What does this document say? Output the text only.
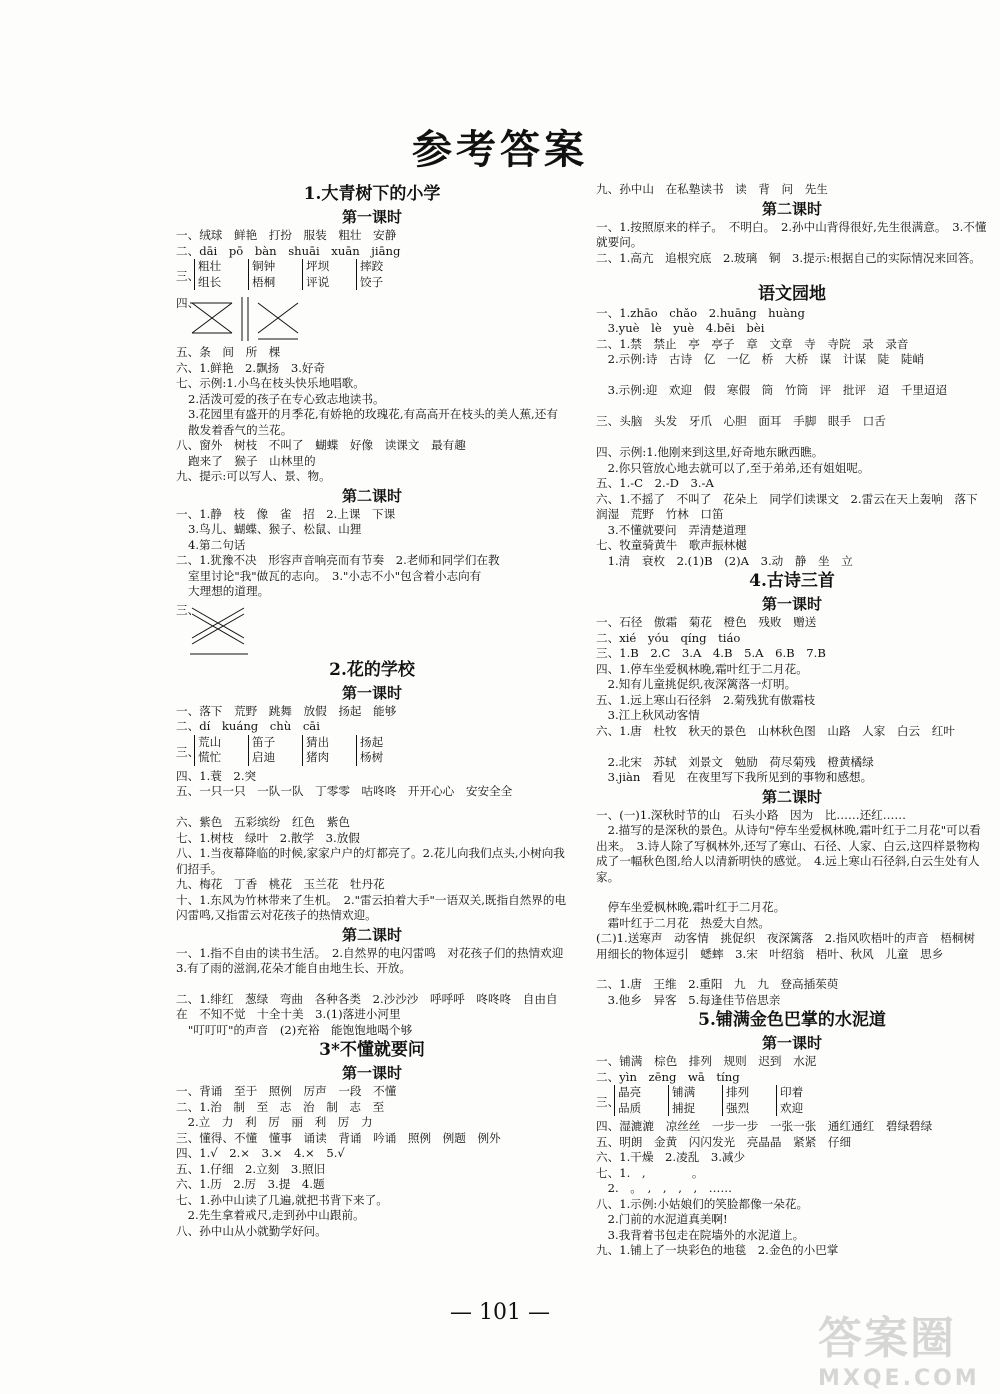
参考答案
1.大青树下的小学
第一课时
一、绒球　鲜艳　打扮　服装　粗壮　安静
二、dāi　pō　bàn　shuāi　xuān　jiāng
三、
粗壮
组长
铜钟
梧桐
坪坝
评说
摔跤
饺子
四、
五、条　间　所　棵
六、1.鲜艳　2.飘扬　3.好奇
七、示例:1.小鸟在枝头快乐地唱歌。
2.活泼可爱的孩子在专心致志地读书。
3.花园里有盛开的月季花,有娇艳的玫瑰花,有高高开在枝头的美人蕉,还有散发着香气的兰花。
八、窗外　树枝　不叫了　蝴蝶　好像　读课文　最有趣
跑来了　猴子　山林里的
九、提示:可以写人、景、物。
第二课时
一、1.静　枝　像　雀　招　2.上课　下课
3.鸟儿、蝴蝶、猴子、松鼠、山狸
4.第二句话
二、1.犹豫不决　形容声音响亮而有节奏　2.老师和同学们在教
室里讨论"我"做瓦的志向。　3."小志不小"包含着小志向有
大理想的道理。
三、
2.花的学校
第一课时
一、落下　荒野　跳舞　放假　扬起　能够
二、dí　kuáng　chù　cāi
三、
荒山
慌忙
笛子
启迪
猜出
猪肉
扬起
杨树
四、1.蓑　2.突
五、一只一只　一队一队　丁零零　咕咚咚　开开心心　安安全全
六、紫色　五彩缤纷　红色　紫色
七、1.树枝　绿叶　2.散学　3.放假
八、1.当夜幕降临的时候,家家户户的灯都亮了。2.花儿向我们点头,小树向我们招手。
九、梅花　丁香　桃花　玉兰花　牡丹花
十、1.东风为竹林带来了生机。　2."雷云拍着大手"一语双关,既指自然界的电闪雷鸣,又指雷云对花孩子的热情欢迎。
第二课时
一、1.指不自由的读书生活。　2.自然界的电闪雷鸣　对花孩子们的热情欢迎　3.有了雨的滋润,花朵才能自由地生长、开放。
二、1.绯红　葱绿　弯曲　各种各类　2.沙沙沙　呼呼呼　咚咚咚　自由自在　不知不觉　十全十美　3.(1)落进小河里
"叮叮叮"的声音　(2)充裕　能饱饱地喝个够
3*不懂就要问
第一课时
一、背诵　至于　照例　厉声　一段　不懂
二、1.治　制　至　志　治　制　志　至
　2.立　力　利　厉　丽　利　厉　力
三、懂得、不懂　懂事　诵读　背诵　吟诵　照例　例题　例外
四、1.√　2.×　3.×　4.×　5.√
五、1.仔细　2.立刻　3.照旧
六、1.历　2.厉　3.提　4.题
七、1.孙中山读了几遍,就把书背下来了。
　2.先生拿着戒尺,走到孙中山跟前。
八、孙中山从小就勤学好问。
九、孙中山　在私塾读书　读　背　问　先生
第二课时
一、1.按照原来的样子。　不明白。　2.孙中山背得很好,先生很满意。　3.不懂就要问。
二、1.高亢　追根究底　2.玻璃　铜　3.提示:根据自己的实际情况来回答。
语文园地
一、1.zhāo　chǎo　2.huāng　huàng
　3.yuè　lè　yuè　4.bēi　bèi
二、1.禁　禁止　亭　亭子　章　文章　寺　寺院　录　录音
　2.示例:诗　古诗　亿　一亿　桥　大桥　谋　计谋　陡　陡峭
　3.示例:迎　欢迎　假　寒假　筒　竹筒　评　批评　迢　千里迢迢
三、头脑　头发　牙爪　心胆　面耳　手脚　眼手　口舌
四、示例:1.他刚来到这里,好奇地东瞅西瞧。
　2.你只管放心地去就可以了,至于弟弟,还有姐姐呢。
五、1.-C　2.-D　3.-A
六、1.不摇了　不叫了　花朵上　同学们读课文　2.雷云在天上轰响　落下　润湿　荒野　竹林　口笛
　3.不懂就要问　弄清楚道理
七、牧童骑黄牛　歌声振林樾
　1.清　衰枚　2.(1)B　(2)A　3.动　静　坐　立
4.古诗三首
第一课时
一、石径　傲霜　菊花　橙色　残败　赠送
二、xié　yóu　qíng　tiáo
三、1.B　2.C　3.A　4.B　5.A　6.B　7.B
四、1.停车坐爱枫林晚,霜叶红于二月花。
　2.知有儿童挑促织,夜深篱落一灯明。
五、1.远上寒山石径斜　2.菊残犹有傲霜枝
　3.江上秋风动客情
六、1.唐　杜牧　秋天的景色　山林秋色图　山路　人家　白云　红叶
　2.北宋　苏轼　刘景文　勉励　荷尽菊残　橙黄橘绿
　3.jiàn　看见　在夜里写下我所见到的事物和感想。
第二课时
一、(一)1.深秋时节的山　石头小路　因为　比……还红……
　2.描写的是深秋的景色。从诗句"停车坐爱枫林晚,霜叶红于二月花"可以看出来。　3.诗人除了写枫林外,还写了寒山、石径、人家、白云,这四样景物构成了一幅秋色图,给人以清新明快的感觉。　4.远上寒山石径斜,白云生处有人家。
　停车坐爱枫林晚,霜叶红于二月花。
　霜叶红于二月花　热爱大自然。
(二)1.送寒声　动客情　挑促织　夜深篱落　2.指风吹梧叶的声音　梧桐树　用细长的物体逗引　蟋蟀　3.宋　叶绍翁　梧叶、秋风　儿童　思乡
二、1.唐　王维　2.重阳　九　九　登高插茱萸
　3.他乡　异客　5.每逢佳节倍思亲
5.铺满金色巴掌的水泥道
第一课时
一、铺满　棕色　排列　规则　迟到　水泥
二、yìn　zēng　wā　tíng
三、
晶亮
品质
铺满
捕捉
排列
强烈
印着
欢迎
四、湿漉漉　凉丝丝　一步一步　一张一张　通红通红　碧绿碧绿
五、明朗　金黄　闪闪发光　亮晶晶　紧紧　仔细
六、1.干燥　2.凌乱　3.减少
七、1.　,　　　　。
　2.　。　,　,　,　,　……
八、1.示例:小姑娘们的笑脸都像一朵花。
　2.门前的水泥道真美啊!
　3.我背着书包走在院墙外的水泥道上。
九、1.铺上了一块彩色的地毯　2.金色的小巴掌
— 101 —
答案圈
MXQE.COM
